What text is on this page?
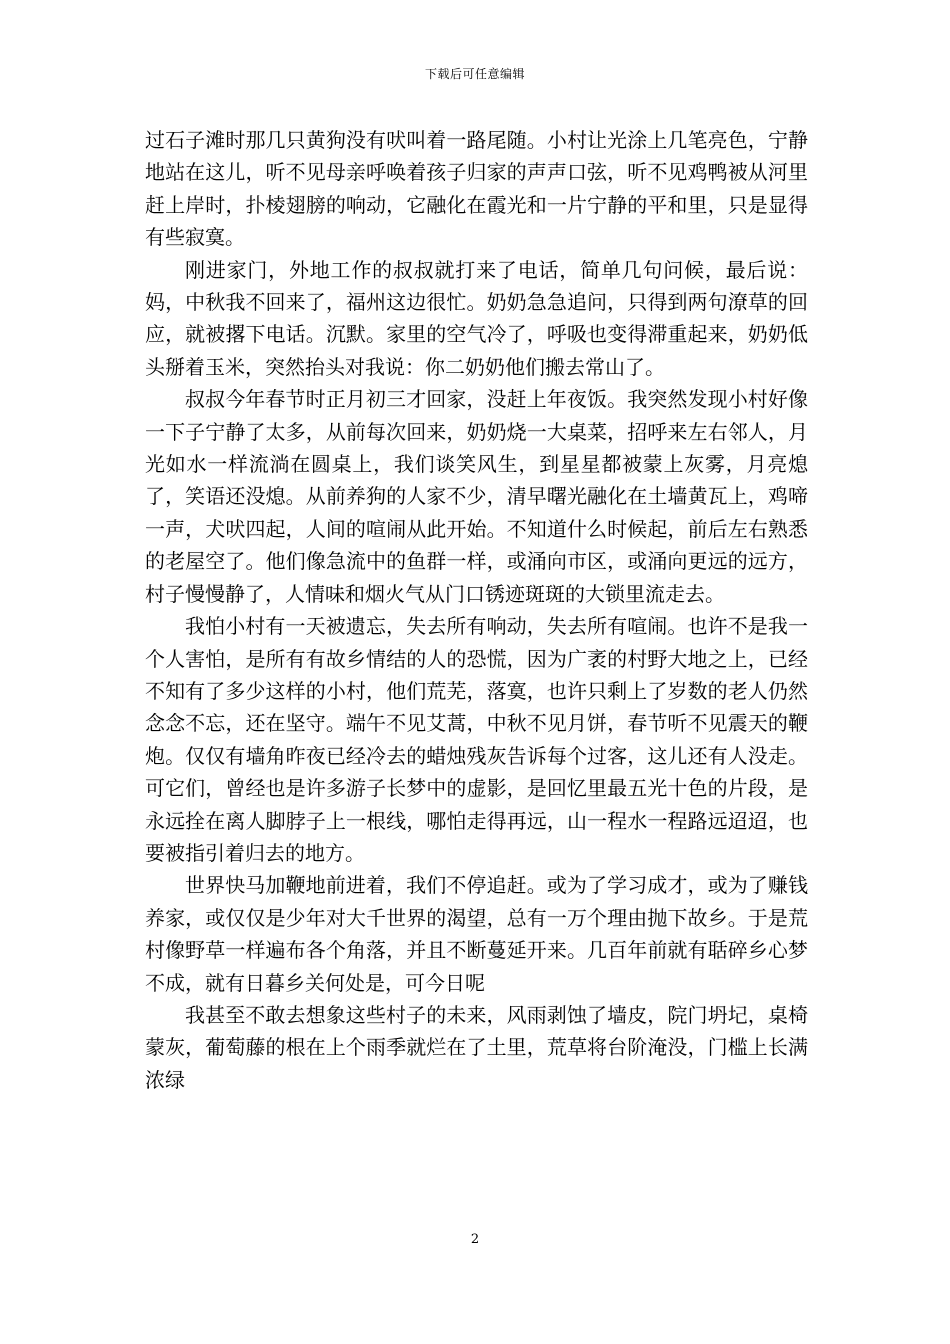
下载后可任意编辑

过石子滩时那几只黄狗没有吠叫着一路尾随。小村让光涂上几笔亮色，宁静地站在这儿，听不见母亲呼唤着孩子归家的声声口弦，听不见鸡鸭被从河里赶上岸时，扑棱翅膀的响动，它融化在霞光和一片宁静的平和里，只是显得有些寂寞。

刚进家门，外地工作的叔叔就打来了电话，简单几句问候，最后说：妈，中秋我不回来了，福州这边很忙。奶奶急急追问，只得到两句潦草的回应，就被撂下电话。沉默。家里的空气冷了，呼吸也变得滞重起来，奶奶低头掰着玉米，突然抬头对我说：你二奶奶他们搬去常山了。

叔叔今年春节时正月初三才回家，没赶上年夜饭。我突然发现小村好像一下子宁静了太多，从前每次回来，奶奶烧一大桌菜，招呼来左右邻人，月光如水一样流淌在圆桌上，我们谈笑风生，到星星都被蒙上灰雾，月亮熄了，笑语还没熄。从前养狗的人家不少，清早曙光融化在土墙黄瓦上，鸡啼一声，犬吠四起，人间的喧闹从此开始。不知道什么时候起，前后左右熟悉的老屋空了。他们像急流中的鱼群一样，或涌向市区，或涌向更远的远方，村子慢慢静了，人情味和烟火气从门口锈迹斑斑的大锁里流走去。

我怕小村有一天被遗忘，失去所有响动，失去所有喧闹。也许不是我一个人害怕，是所有有故乡情结的人的恐慌，因为广袤的村野大地之上，已经不知有了多少这样的小村，他们荒芜，落寞，也许只剩上了岁数的老人仍然念念不忘，还在坚守。端午不见艾蒿，中秋不见月饼，春节听不见震天的鞭炮。仅仅有墙角昨夜已经冷去的蜡烛残灰告诉每个过客，这儿还有人没走。可它们，曾经也是许多游子长梦中的虚影，是回忆里最五光十色的片段，是永远拴在离人脚脖子上一根线，哪怕走得再远，山一程水一程路远迢迢，也要被指引着归去的地方。

世界快马加鞭地前进着，我们不停追赶。或为了学习成才，或为了赚钱养家，或仅仅是少年对大千世界的渴望，总有一万个理由抛下故乡。于是荒村像野草一样遍布各个角落，并且不断蔓延开来。几百年前就有聒碎乡心梦不成，就有日暮乡关何处是，可今日呢

我甚至不敢去想象这些村子的未来，风雨剥蚀了墙皮，院门坍圮，桌椅蒙灰，葡萄藤的根在上个雨季就烂在了土里，荒草将台阶淹没，门槛上长满浓绿

2
